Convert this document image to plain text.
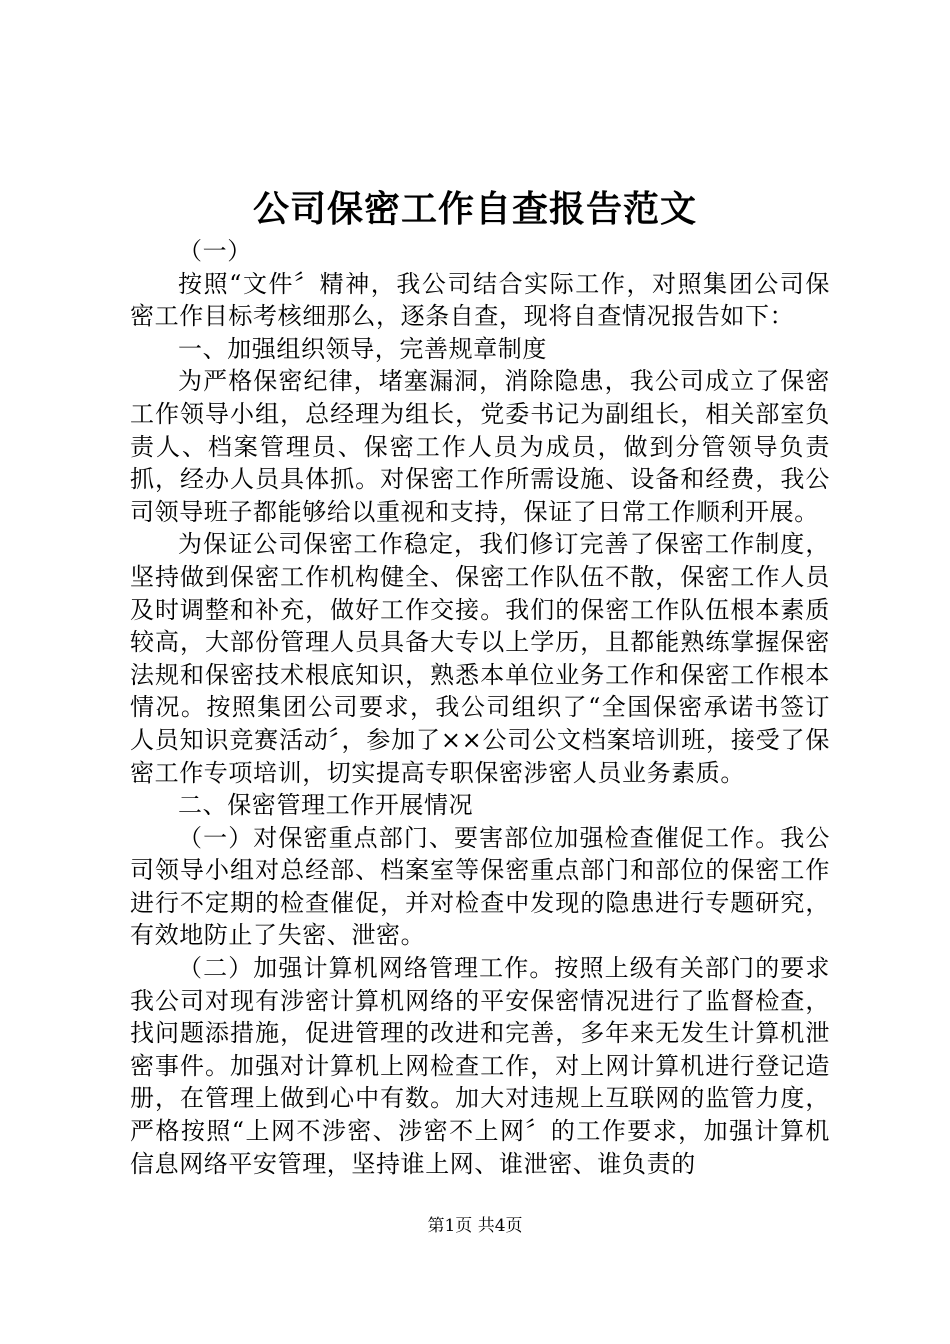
公司保密工作自查报告范文

（一）

按照“文件〞精神，我公司结合实际工作，对照集团公司保密工作目标考核细那么，逐条自查，现将自查情况报告如下：

一、加强组织领导，完善规章制度

为严格保密纪律，堵塞漏洞，消除隐患，我公司成立了保密工作领导小组，总经理为组长，党委书记为副组长，相关部室负责人、档案管理员、保密工作人员为成员，做到分管领导负责抓，经办人员具体抓。对保密工作所需设施、设备和经费，我公司领导班子都能够给以重视和支持，保证了日常工作顺利开展。

为保证公司保密工作稳定，我们修订完善了保密工作制度，坚持做到保密工作机构健全、保密工作队伍不散，保密工作人员及时调整和补充，做好工作交接。我们的保密工作队伍根本素质较高，大部份管理人员具备大专以上学历，且都能熟练掌握保密法规和保密技术根底知识，熟悉本单位业务工作和保密工作根本情况。按照集团公司要求，我公司组织了“全国保密承诺书签订人员知识竞赛活动〞，参加了××公司公文档案培训班，接受了保密工作专项培训，切实提高专职保密涉密人员业务素质。

二、保密管理工作开展情况

（一）对保密重点部门、要害部位加强检查催促工作。我公司领导小组对总经部、档案室等保密重点部门和部位的保密工作进行不定期的检查催促，并对检查中发现的隐患进行专题研究，有效地防止了失密、泄密。

（二）加强计算机网络管理工作。按照上级有关部门的要求我公司对现有涉密计算机网络的平安保密情况进行了监督检查，找问题添措施，促进管理的改进和完善，多年来无发生计算机泄密事件。加强对计算机上网检查工作，对上网计算机进行登记造册，在管理上做到心中有数。加大对违规上互联网的监管力度，严格按照“上网不涉密、涉密不上网〞的工作要求，加强计算机信息网络平安管理，坚持谁上网、谁泄密、谁负责的

第1页 共4页
